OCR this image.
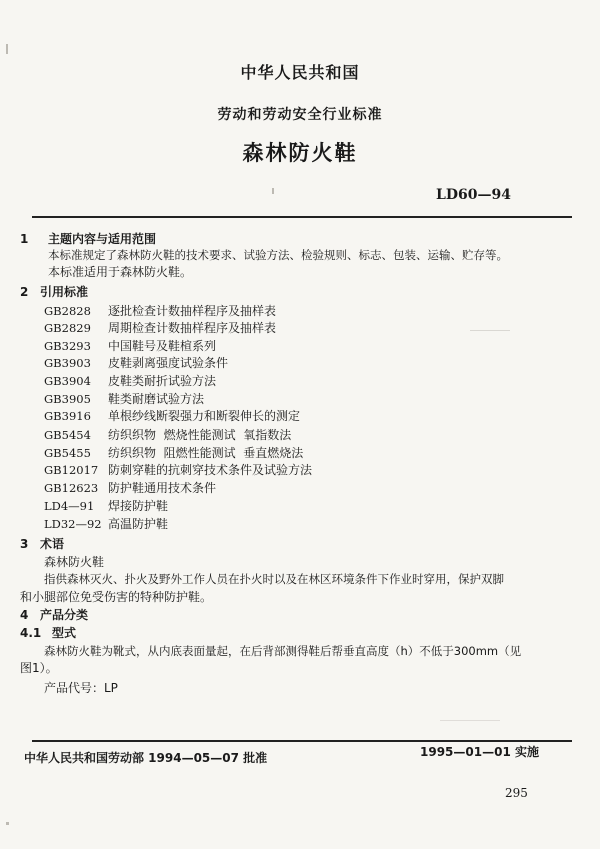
中华人民共和国
劳动和劳动安全行业标准
森林防火鞋
LD60—94
1 主题内容与适用范围
本标准规定了森林防火鞋的技术要求、试验方法、检验规则、标志、包装、运输、贮存等。
本标准适用于森林防火鞋。
2 引用标准
GB2828 逐批检查计数抽样程序及抽样表
GB2829 周期检查计数抽样程序及抽样表
GB3293 中国鞋号及鞋楦系列
GB3903 皮鞋剥离强度试验条件
GB3904 皮鞋类耐折试验方法
GB3905 鞋类耐磨试验方法
GB3916 单根纱线断裂强力和断裂伸长的测定
GB5454 纺织织物  燃烧性能测试  氧指数法
GB5455 纺织织物  阻燃性能测试  垂直燃烧法
GB12017 防刺穿鞋的抗刺穿技术条件及试验方法
GB12623 防护鞋通用技术条件
LD4—91 焊接防护鞋
LD32—92 高温防护鞋
3 术语
森林防火鞋
指供森林灭火、扑火及野外工作人员在扑火时以及在林区环境条件下作业时穿用，保护双脚
和小腿部位免受伤害的特种防护鞋。
4 产品分类
4.1 型式
森林防火鞋为靴式，从内底表面量起，在后背部测得鞋后帮垂直高度（h）不低于300mm（见
图1）。
产品代号：LP
中华人民共和国劳动部 1994—05—07 批准	1995—01—01 实施
295
